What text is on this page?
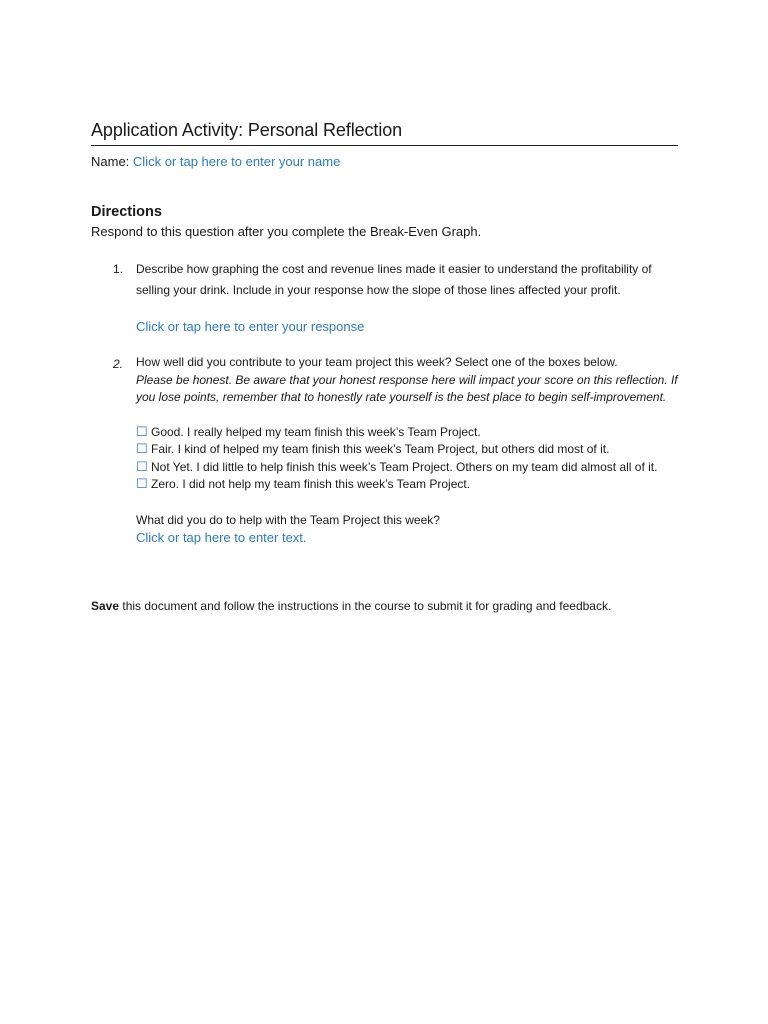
Application Activity: Personal Reflection
Name: Click or tap here to enter your name
Directions
Respond to this question after you complete the Break-Even Graph.
1. Describe how graphing the cost and revenue lines made it easier to understand the profitability of selling your drink. Include in your response how the slope of those lines affected your profit.
Click or tap here to enter your response
2. How well did you contribute to your team project this week? Select one of the boxes below.
Please be honest. Be aware that your honest response here will impact your score on this reflection. If you lose points, remember that to honestly rate yourself is the best place to begin self-improvement.
☐ Good. I really helped my team finish this week’s Team Project.
☐ Fair. I kind of helped my team finish this week’s Team Project, but others did most of it.
☐ Not Yet. I did little to help finish this week’s Team Project. Others on my team did almost all of it.
☐ Zero. I did not help my team finish this week’s Team Project.
What did you do to help with the Team Project this week?
Click or tap here to enter text.
Save this document and follow the instructions in the course to submit it for grading and feedback.
